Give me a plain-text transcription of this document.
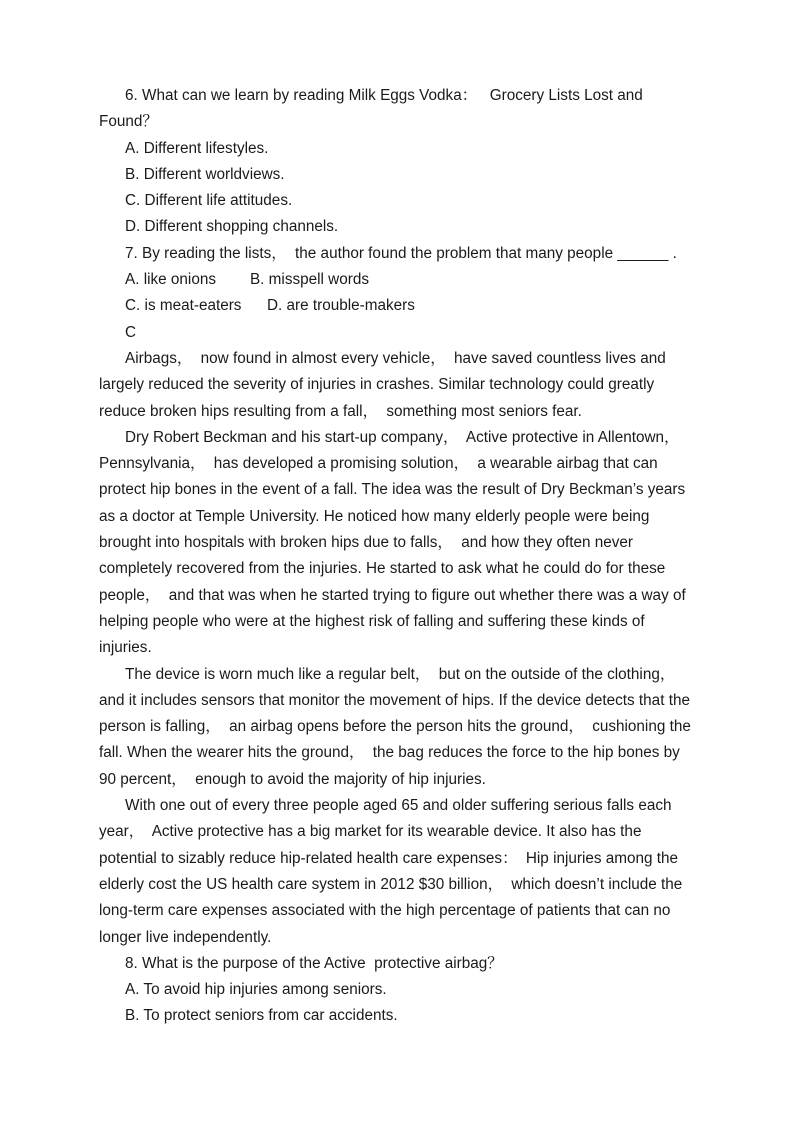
6. What can we learn by reading Milk Eggs Vodka：   Grocery Lists Lost and
Found？
A. Different lifestyles.
B. Different worldviews.
C. Different life attitudes.
D. Different shopping channels.
7. By reading the lists，  the author found the problem that many people ______ .
A. like onions        B. misspell words
C. is meat-eaters      D. are trouble-makers
C
Airbags，  now found in almost every vehicle，  have saved countless lives and
largely reduced the severity of injuries in crashes. Similar technology could greatly
reduce broken hips resulting from a fall，  something most seniors fear.
Dry Robert Beckman and his start-up company，  Active protective in Allentown，
Pennsylvania，  has developed a promising solution，  a wearable airbag that can
protect hip bones in the event of a fall. The idea was the result of Dry Beckman’s years
as a doctor at Temple University. He noticed how many elderly people were being
brought into hospitals with broken hips due to falls，  and how they often never
completely recovered from the injuries. He started to ask what he could do for these
people，  and that was when he started trying to figure out whether there was a way of
helping people who were at the highest risk of falling and suffering these kinds of
injuries.
The device is worn much like a regular belt，  but on the outside of the clothing，
and it includes sensors that monitor the movement of hips. If the device detects that the
person is falling，  an airbag opens before the person hits the ground，  cushioning the
fall. When the wearer hits the ground，  the bag reduces the force to the hip bones by
90 percent，  enough to avoid the majority of hip injuries.
With one out of every three people aged 65 and older suffering serious falls each
year，  Active protective has a big market for its wearable device. It also has the
potential to sizably reduce hip-related health care expenses：  Hip injuries among the
elderly cost the US health care system in 2012 $30 billion，  which doesn’t include the
long-term care expenses associated with the high percentage of patients that can no
longer live independently.
8. What is the purpose of the Active  protective airbag？
A. To avoid hip injuries among seniors.
B. To protect seniors from car accidents.
